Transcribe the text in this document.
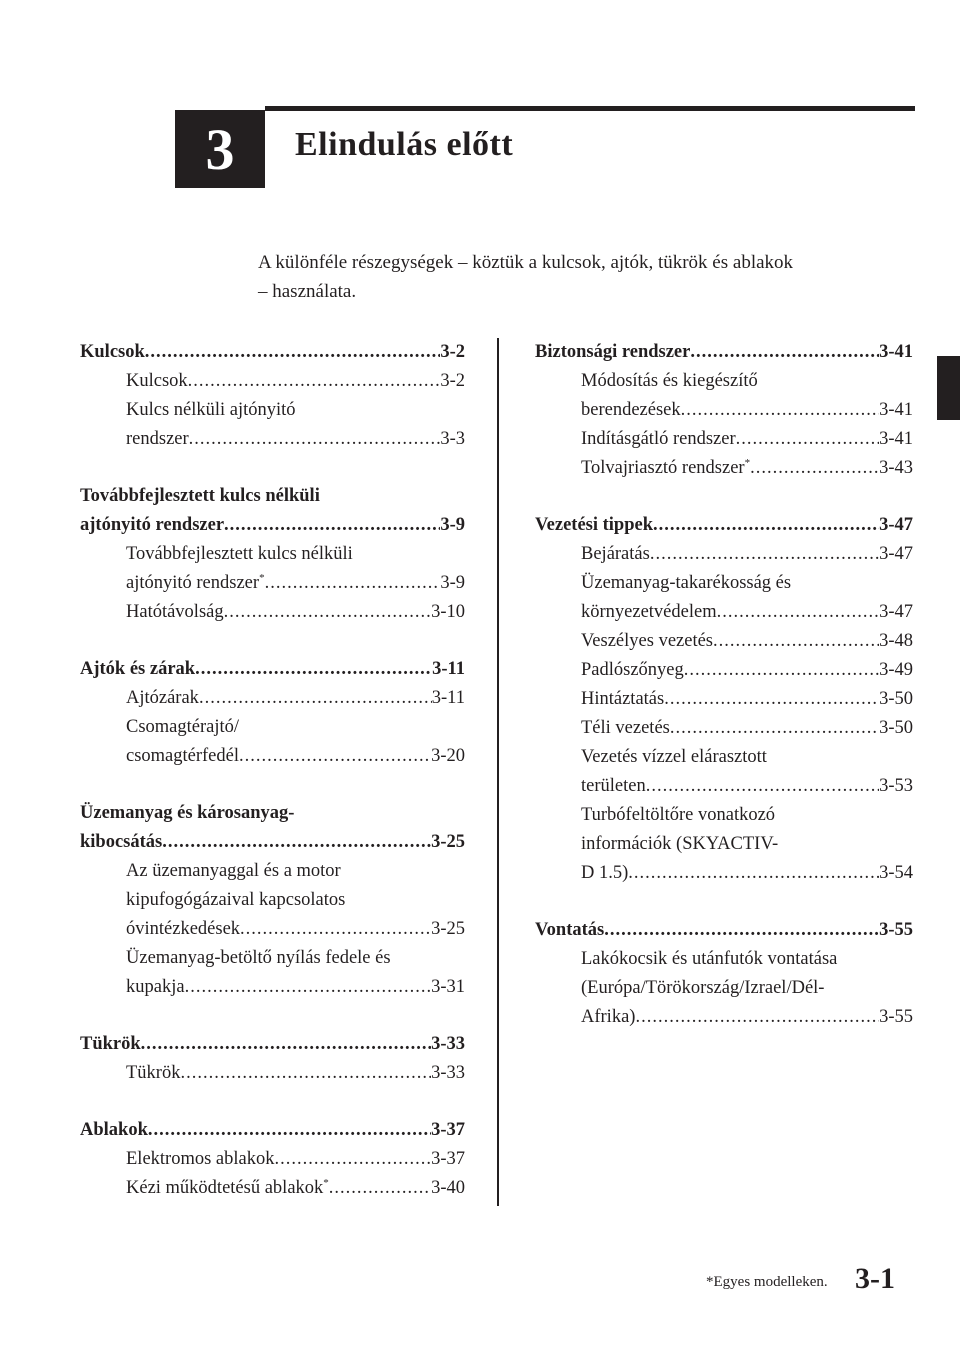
3 Elindulás előtt
A különféle részegységek – köztük a kulcsok, ajtók, tükrök és ablakok
– használata.
Kulcsok .....	3-2
Kulcsok .....	3-2
Kulcs nélküli ajtónyitó
rendszer .....	3-3
Továbbfejlesztett kulcs nélküli
ajtónyitó rendszer .....	3-9
Továbbfejlesztett kulcs nélküli
ajtónyitó rendszer* .....	3-9
Hatótávolság .....	3-10
Ajtók és zárak .....	3-11
Ajtózárak .....	3-11
Csomagtérajtó/
csomagtérfedél .....	3-20
Üzemanyag és károsanyag-
kibocsátás .....	3-25
Az üzemanyaggal és a motor
kipufogógázaival kapcsolatos
óvintézkedések .....	3-25
Üzemanyag-betöltő nyílás fedele és
kupakja .....	3-31
Tükrök .....	3-33
Tükrök .....	3-33
Ablakok .....	3-37
Elektromos ablakok .....	3-37
Kézi működtetésű ablakok* .....	3-40
Biztonsági rendszer .....	3-41
Módosítás és kiegészítő
berendezések .....	3-41
Indításgátló rendszer .....	3-41
Tolvajriasztó rendszer* .....	3-43
Vezetési tippek .....	3-47
Bejáratás .....	3-47
Üzemanyag-takarékosság és
környezetvédelem .....	3-47
Veszélyes vezetés .....	3-48
Padlószőnyeg .....	3-49
Hintáztatás .....	3-50
Téli vezetés .....	3-50
Vezetés vízzel elárasztott
területen .....	3-53
Turbófeltöltőre vonatkozó
információk (SKYACTIV-
D 1.5) .....	3-54
Vontatás .....	3-55
Lakókocsik és utánfutók vontatása
(Európa/Törökország/Izrael/Dél-
Afrika) .....	3-55
*Egyes modelleken. 3-1
